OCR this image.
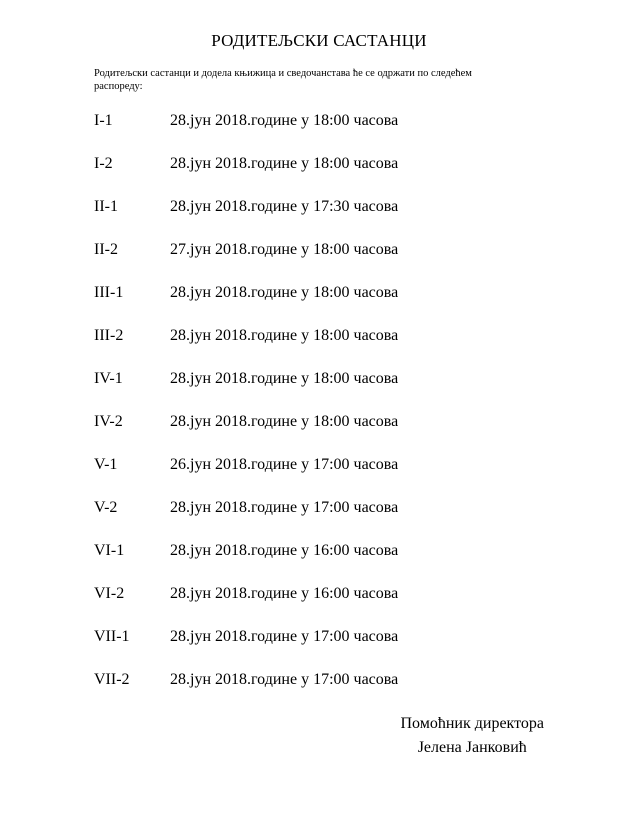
РОДИТЕЉСКИ САСТАНЦИ
Родитељски састанци и додела књижица и сведочанстава ће се одржати по следећем распореду:
I-1	28.јун 2018.године у 18:00 часова
I-2	28.јун 2018.године у 18:00 часова
II-1	28.јун 2018.године у 17:30 часова
II-2	27.јун 2018.године у 18:00 часова
III-1	28.јун 2018.године у 18:00 часова
III-2	28.јун 2018.године у 18:00 часова
IV-1	28.јун 2018.године у 18:00 часова
IV-2	28.јун 2018.године у 18:00 часова
V-1	26.јун 2018.године у 17:00 часова
V-2	28.јун 2018.године у 17:00 часова
VI-1	28.јун 2018.године у 16:00 часова
VI-2	28.јун 2018.године у 16:00 часова
VII-1	28.јун 2018.године у 17:00 часова
VII-2	28.јун 2018.године у 17:00 часова
Помоћник директора
Јелена Јанковић
